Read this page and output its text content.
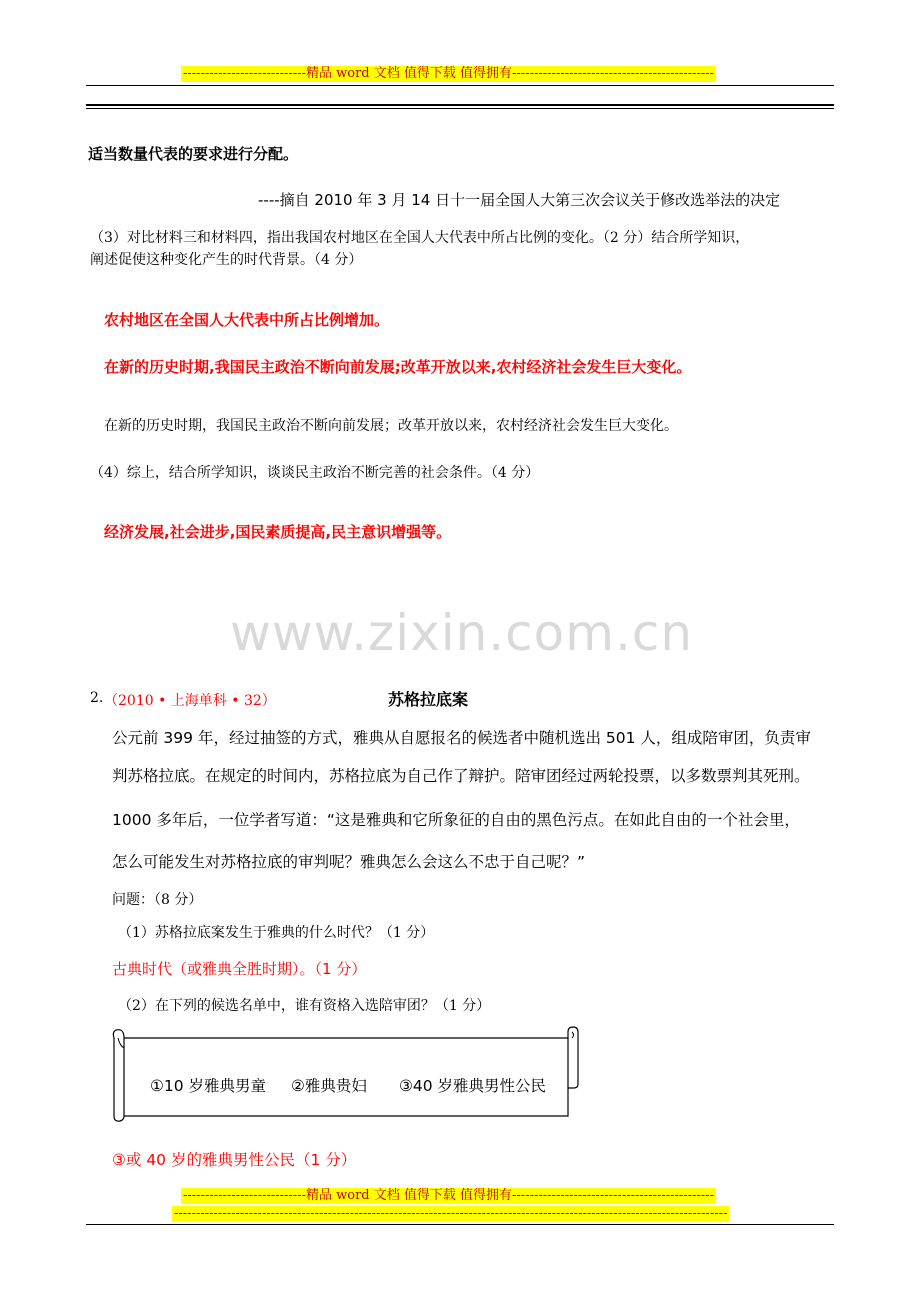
----------------------------精品 word 文档 值得下载 值得拥有----------------------------------------------
适当数量代表的要求进行分配。
----摘自 2010 年 3 月 14 日十一届全国人大第三次会议关于修改选举法的决定
（3）对比材料三和材料四，指出我国农村地区在全国人大代表中所占比例的变化。（2 分）结合所学知识，
阐述促使这种变化产生的时代背景。（4 分）
农村地区在全国人大代表中所占比例增加。
在新的历史时期,我国民主政治不断向前发展;改革开放以来,农村经济社会发生巨大变化。
在新的历史时期，我国民主政治不断向前发展；改革开放以来，农村经济社会发生巨大变化。
（4）综上，结合所学知识，谈谈民主政治不断完善的社会条件。（4 分）
经济发展,社会进步,国民素质提高,民主意识增强等。
www.zixin.com.cn
2. （2010 • 上海单科 • 32）	苏格拉底案
公元前 399 年，经过抽签的方式，雅典从自愿报名的候选者中随机选出 501 人，组成陪审团，负责审
判苏格拉底。在规定的时间内，苏格拉底为自己作了辩护。陪审团经过两轮投票，以多数票判其死刑。
1000 多年后，一位学者写道：“这是雅典和它所象征的自由的黑色污点。在如此自由的一个社会里，
怎么可能发生对苏格拉底的审判呢？雅典怎么会这么不忠于自己呢？”
问题：（8 分）
（1）苏格拉底案发生于雅典的什么时代？（1 分）
古典时代（或雅典全胜时期）。（1 分）
（2）在下列的候选名单中，谁有资格入选陪审团？（1 分）
①10 岁雅典男童 ②雅典贵妇 ③40 岁雅典男性公民
③或 40 岁的雅典男性公民（1 分）
----------------------------精品 word 文档 值得下载 值得拥有----------------------------------------------
------------------------------------------------------------------------------------------------------------------------------
